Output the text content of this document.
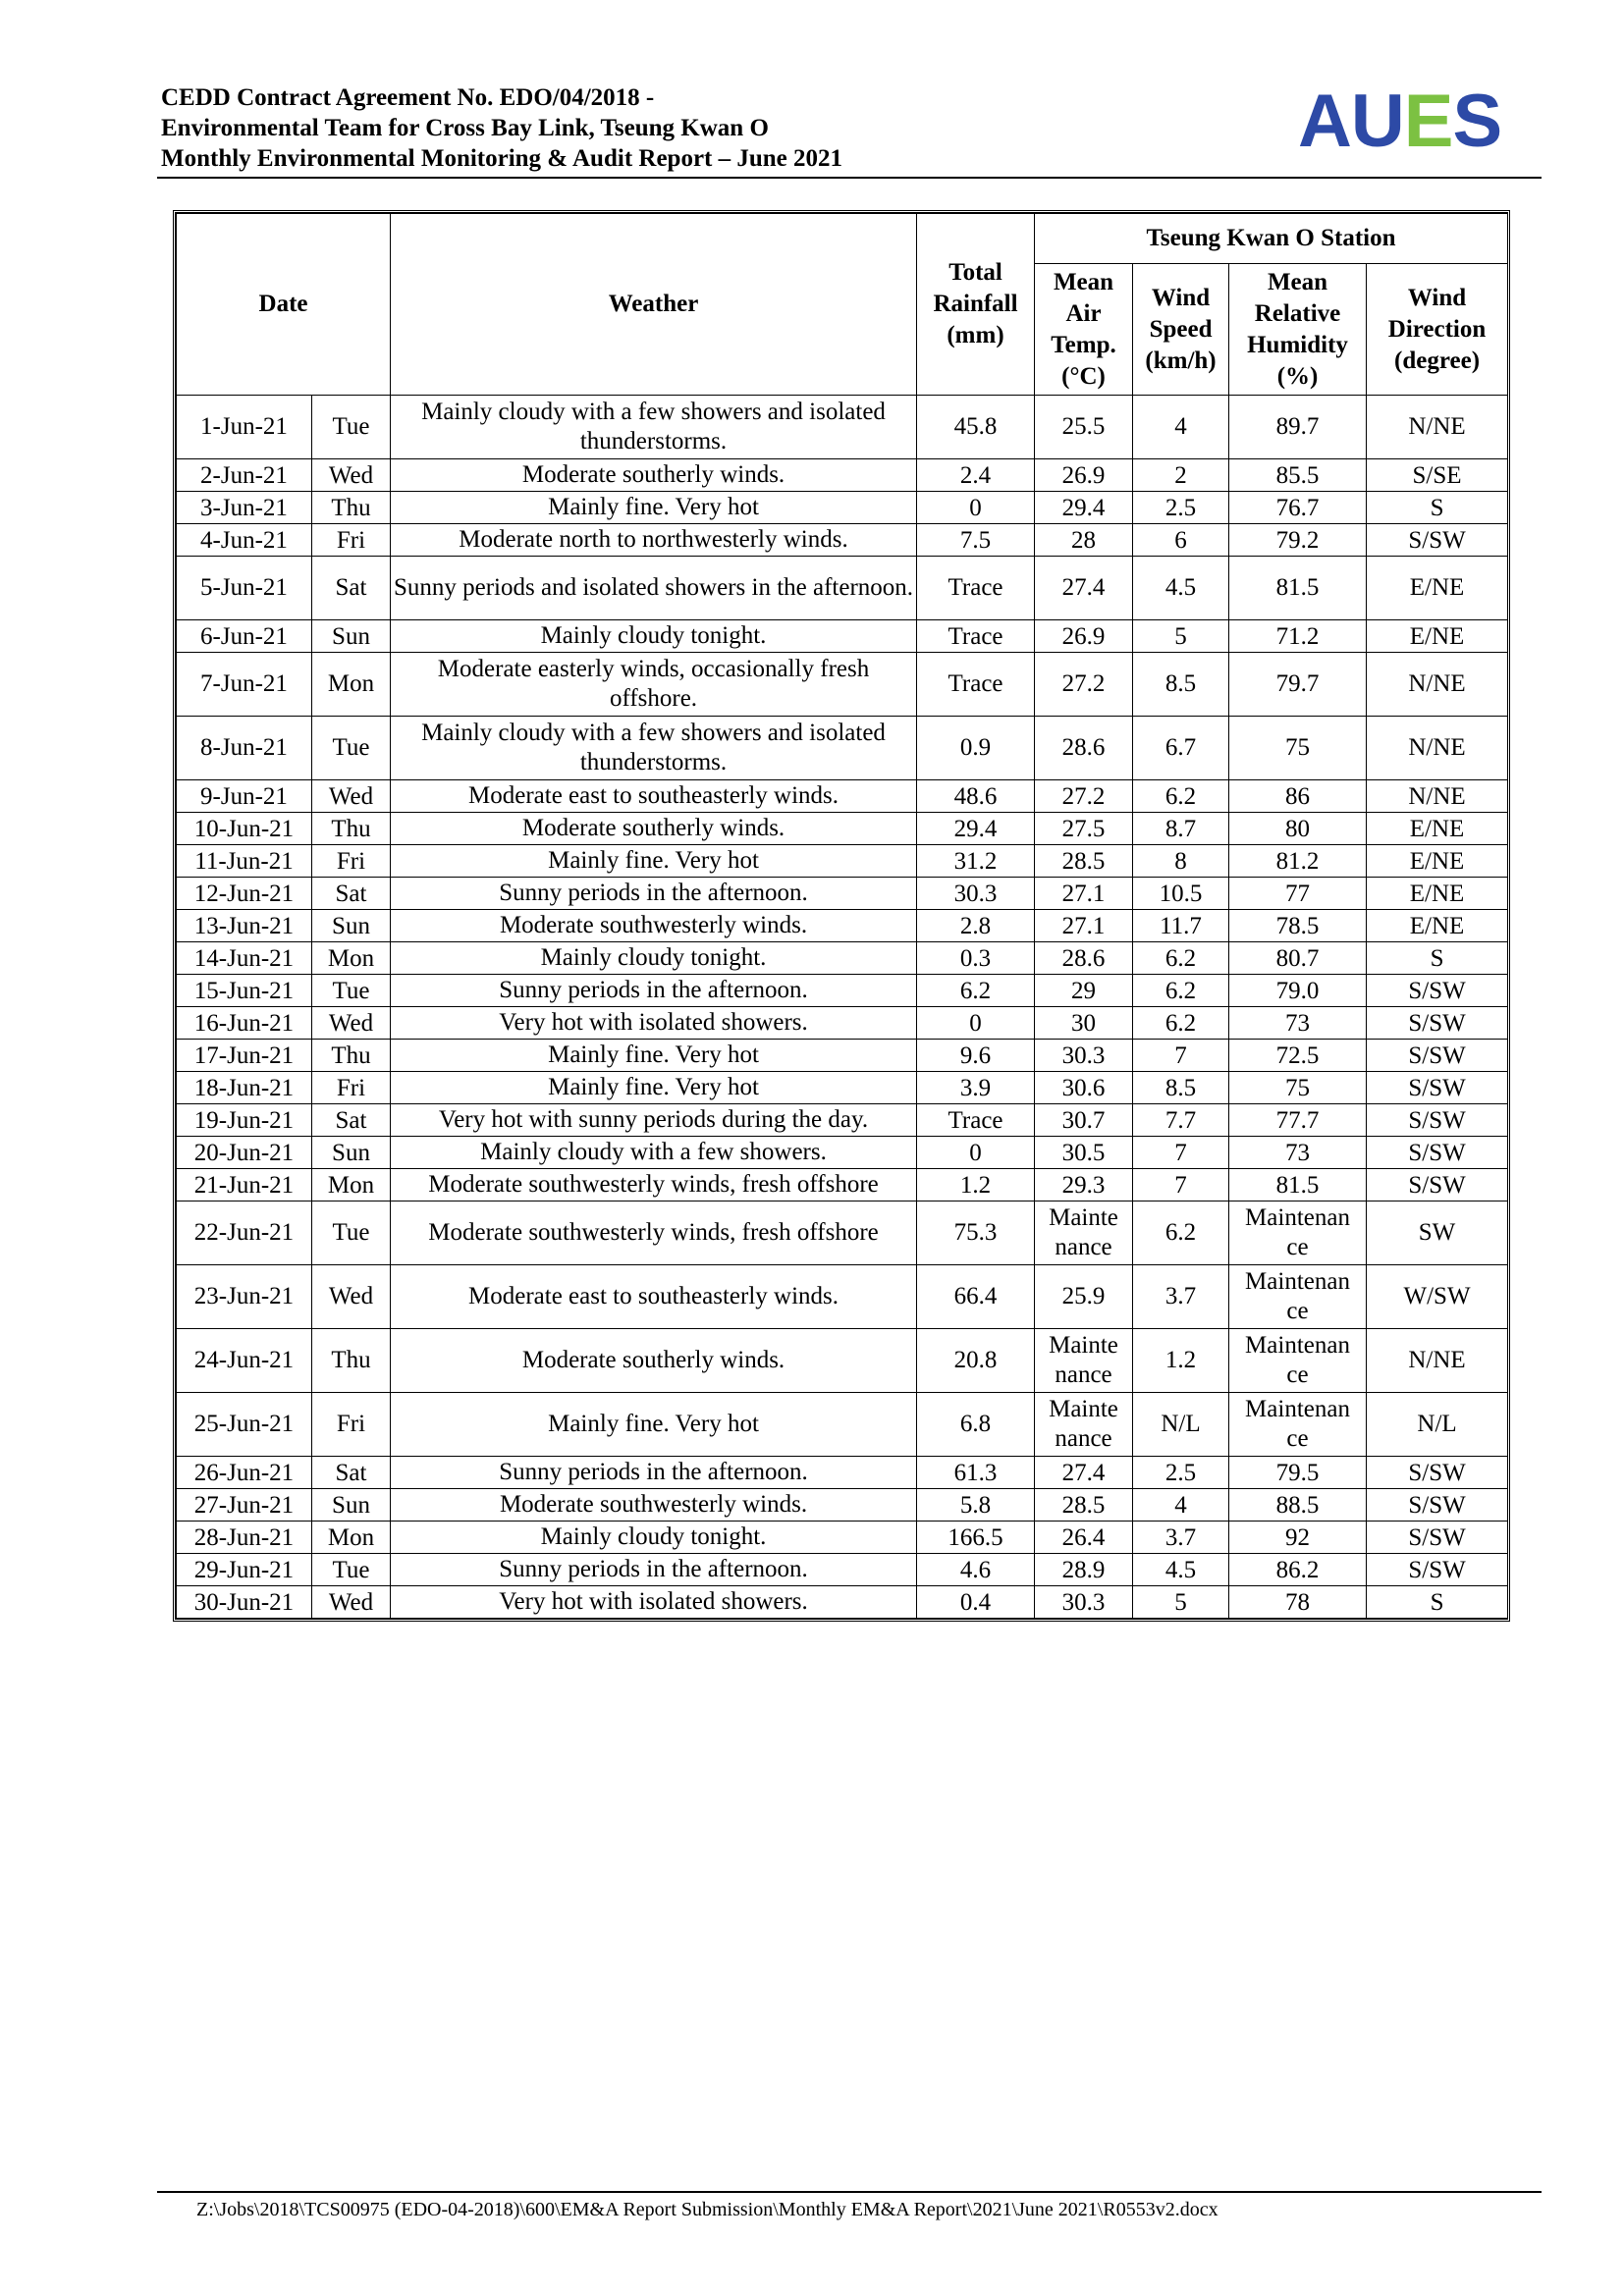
CEDD Contract Agreement No. EDO/04/2018 -
Environmental Team for Cross Bay Link, Tseung Kwan O
Monthly Environmental Monitoring & Audit Report – June 2021	AUES
Date		Weather	Total Rainfall (mm)	Tseung Kwan O Station			
				Mean Air Temp. (°C)	Wind Speed (km/h)	Mean Relative Humidity (%)	Wind Direction (degree)
1-Jun-21	Tue	Mainly cloudy with a few showers and isolated thunderstorms.	45.8	25.5	4	89.7	N/NE
2-Jun-21	Wed	Moderate southerly winds.	2.4	26.9	2	85.5	S/SE
3-Jun-21	Thu	Mainly fine. Very hot	0	29.4	2.5	76.7	S
4-Jun-21	Fri	Moderate north to northwesterly winds.	7.5	28	6	79.2	S/SW
5-Jun-21	Sat	Sunny periods and isolated showers in the afternoon.	Trace	27.4	4.5	81.5	E/NE
6-Jun-21	Sun	Mainly cloudy tonight.	Trace	26.9	5	71.2	E/NE
7-Jun-21	Mon	Moderate easterly winds, occasionally fresh offshore.	Trace	27.2	8.5	79.7	N/NE
8-Jun-21	Tue	Mainly cloudy with a few showers and isolated thunderstorms.	0.9	28.6	6.7	75	N/NE
9-Jun-21	Wed	Moderate east to southeasterly winds.	48.6	27.2	6.2	86	N/NE
10-Jun-21	Thu	Moderate southerly winds.	29.4	27.5	8.7	80	E/NE
11-Jun-21	Fri	Mainly fine. Very hot	31.2	28.5	8	81.2	E/NE
12-Jun-21	Sat	Sunny periods in the afternoon.	30.3	27.1	10.5	77	E/NE
13-Jun-21	Sun	Moderate southwesterly winds.	2.8	27.1	11.7	78.5	E/NE
14-Jun-21	Mon	Mainly cloudy tonight.	0.3	28.6	6.2	80.7	S
15-Jun-21	Tue	Sunny periods in the afternoon.	6.2	29	6.2	79.0	S/SW
16-Jun-21	Wed	Very hot with isolated showers.	0	30	6.2	73	S/SW
17-Jun-21	Thu	Mainly fine. Very hot	9.6	30.3	7	72.5	S/SW
18-Jun-21	Fri	Mainly fine. Very hot	3.9	30.6	8.5	75	S/SW
19-Jun-21	Sat	Very hot with sunny periods during the day.	Trace	30.7	7.7	77.7	S/SW
20-Jun-21	Sun	Mainly cloudy with a few showers.	0	30.5	7	73	S/SW
21-Jun-21	Mon	Moderate southwesterly winds, fresh offshore	1.2	29.3	7	81.5	S/SW
22-Jun-21	Tue	Moderate southwesterly winds, fresh offshore	75.3	Mainte nance	6.2	Maintenan ce	SW
23-Jun-21	Wed	Moderate east to southeasterly winds.	66.4	25.9	3.7	Maintenan ce	W/SW
24-Jun-21	Thu	Moderate southerly winds.	20.8	Mainte nance	1.2	Maintenan ce	N/NE
25-Jun-21	Fri	Mainly fine. Very hot	6.8	Mainte nance	N/L	Maintenan ce	N/L
26-Jun-21	Sat	Sunny periods in the afternoon.	61.3	27.4	2.5	79.5	S/SW
27-Jun-21	Sun	Moderate southwesterly winds.	5.8	28.5	4	88.5	S/SW
28-Jun-21	Mon	Mainly cloudy tonight.	166.5	26.4	3.7	92	S/SW
29-Jun-21	Tue	Sunny periods in the afternoon.	4.6	28.9	4.5	86.2	S/SW
30-Jun-21	Wed	Very hot with isolated showers.	0.4	30.3	5	78	S
Z:\Jobs\2018\TCS00975 (EDO-04-2018)\600\EM&A Report Submission\Monthly EM&A Report\2021\June 2021\R0553v2.docx
